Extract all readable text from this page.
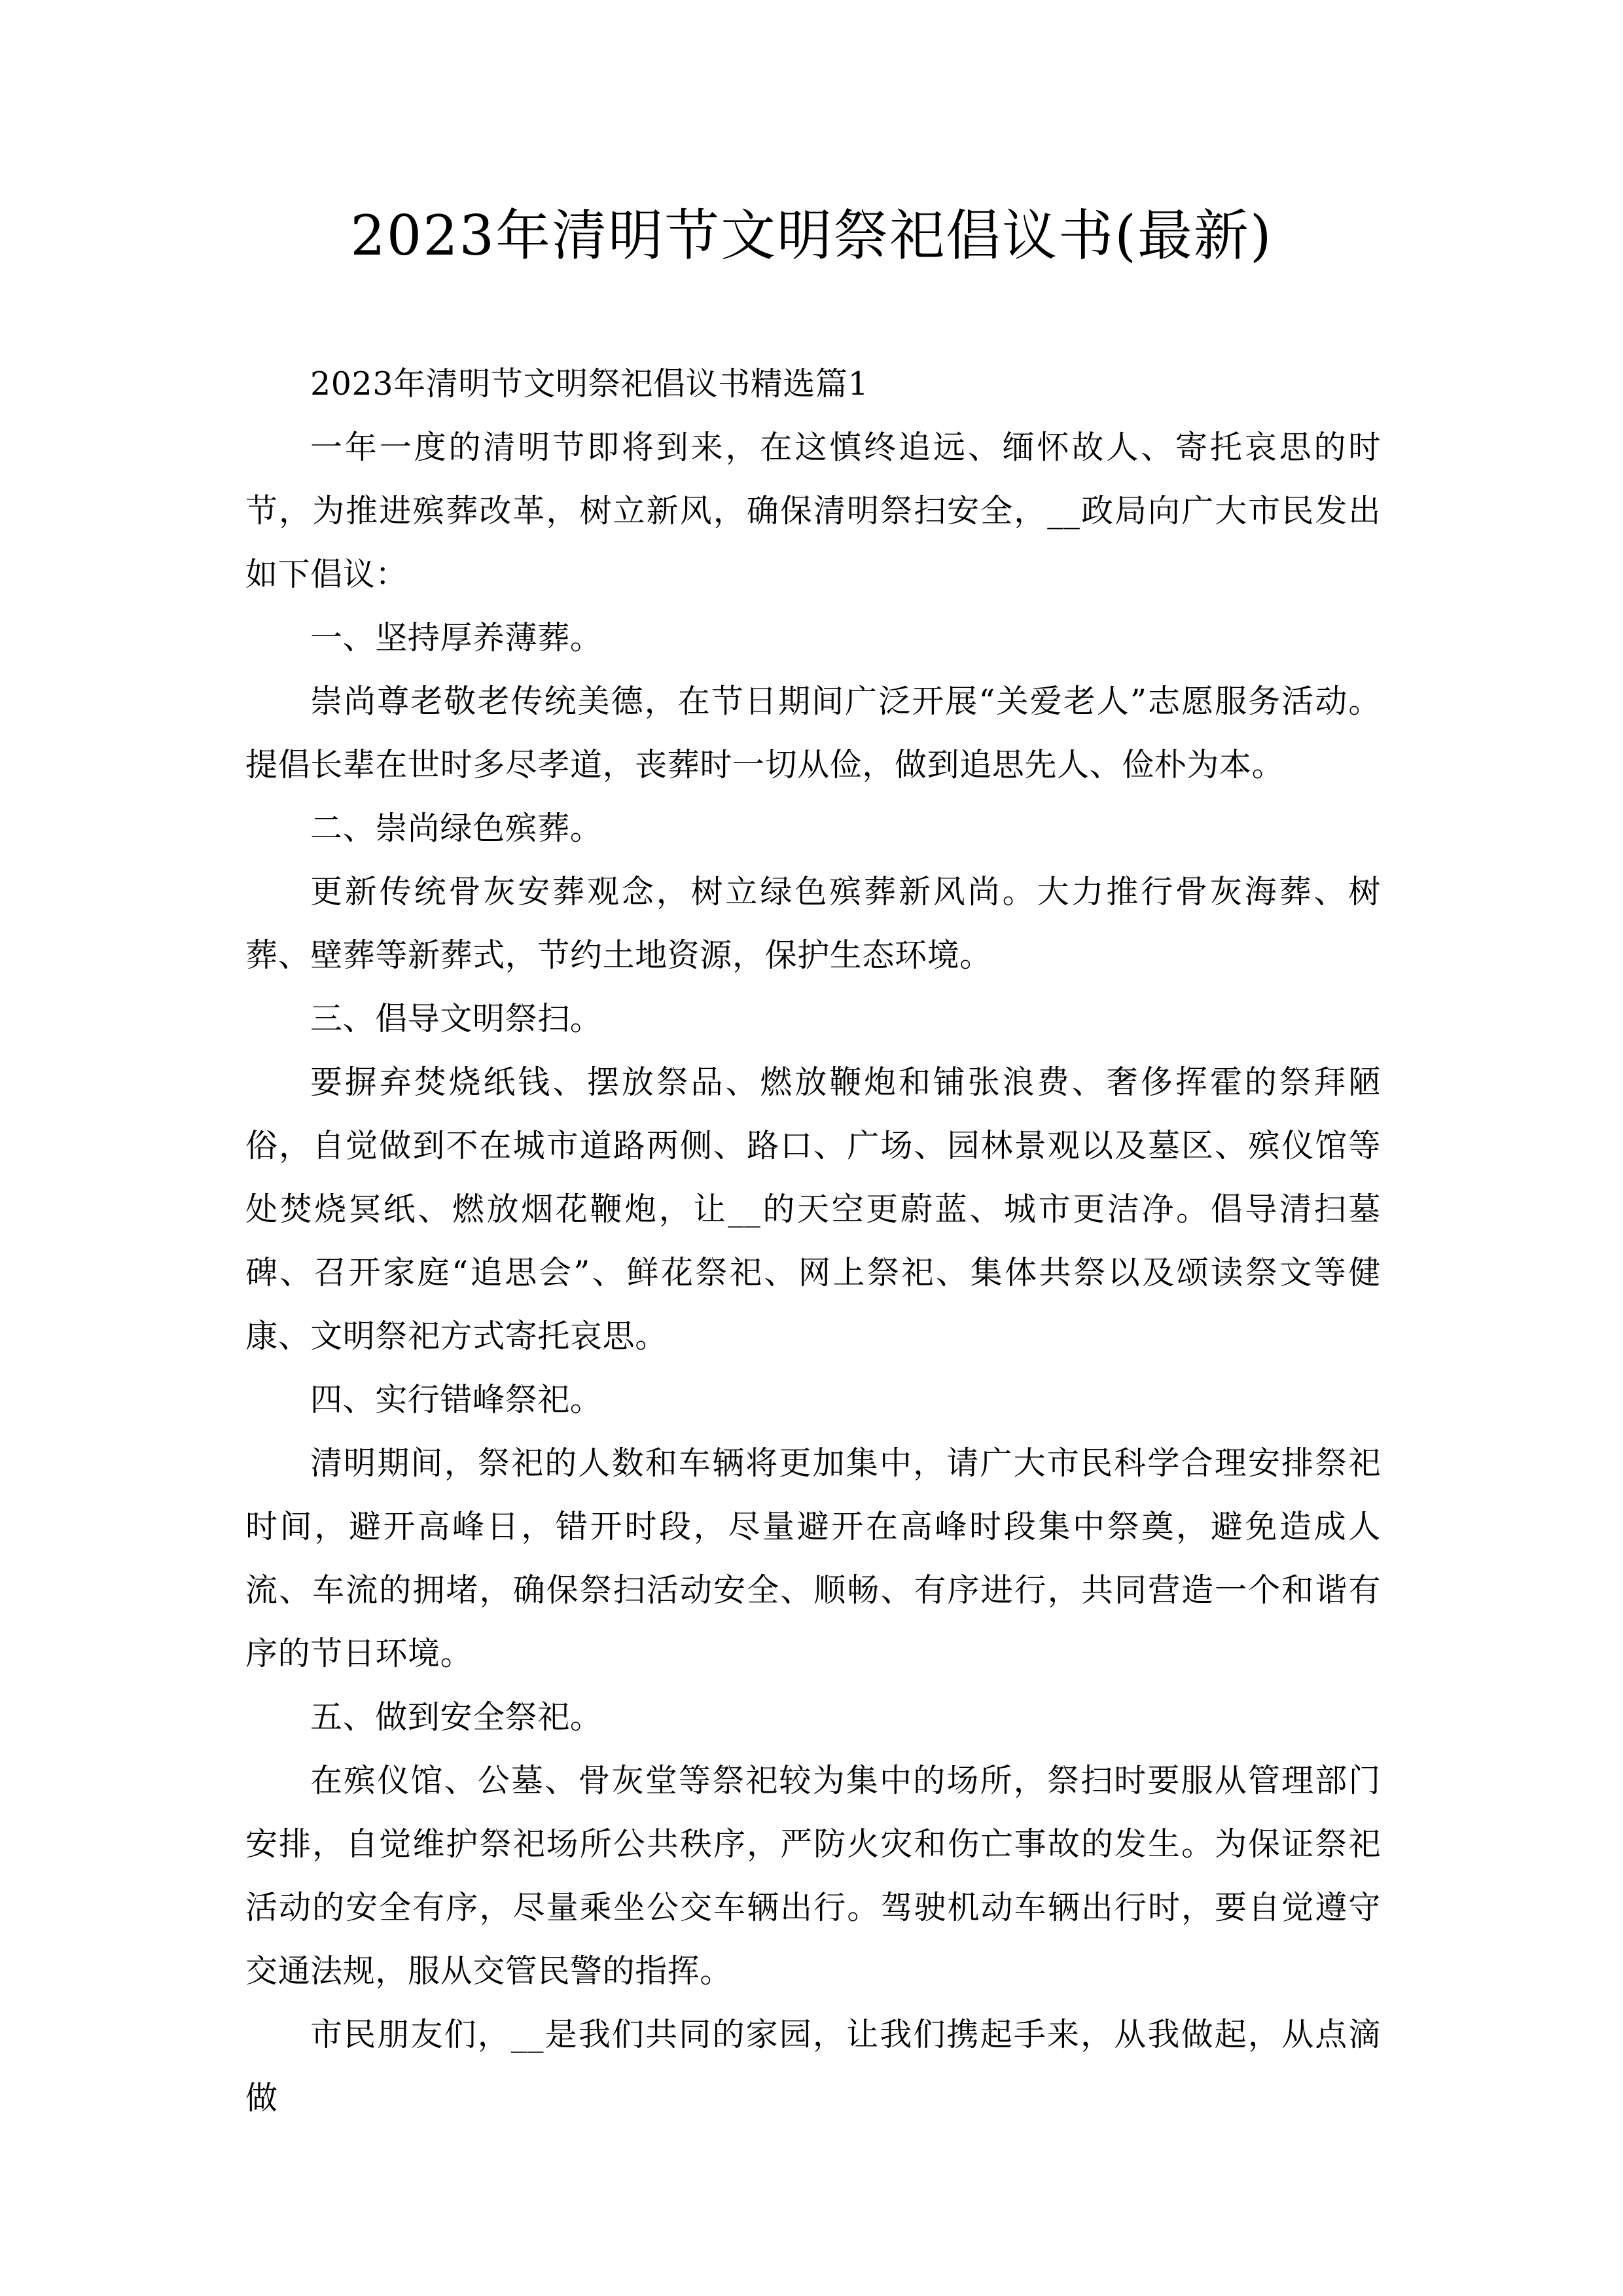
2023年清明节文明祭祀倡议书(最新)

2023年清明节文明祭祀倡议书精选篇1

一年一度的清明节即将到来，在这慎终追远、缅怀故人、寄托哀思的时节，为推进殡葬改革，树立新风，确保清明祭扫安全，__政局向广大市民发出如下倡议：

一、坚持厚养薄葬。

崇尚尊老敬老传统美德，在节日期间广泛开展“关爱老人”志愿服务活动。提倡长辈在世时多尽孝道，丧葬时一切从俭，做到追思先人、俭朴为本。

二、崇尚绿色殡葬。

更新传统骨灰安葬观念，树立绿色殡葬新风尚。大力推行骨灰海葬、树葬、壁葬等新葬式，节约土地资源，保护生态环境。

三、倡导文明祭扫。

要摒弃焚烧纸钱、摆放祭品、燃放鞭炮和铺张浪费、奢侈挥霍的祭拜陋俗，自觉做到不在城市道路两侧、路口、广场、园林景观以及墓区、殡仪馆等处焚烧冥纸、燃放烟花鞭炮，让__的天空更蔚蓝、城市更洁净。倡导清扫墓碑、召开家庭“追思会”、鲜花祭祀、网上祭祀、集体共祭以及颂读祭文等健康、文明祭祀方式寄托哀思。

四、实行错峰祭祀。

清明期间，祭祀的人数和车辆将更加集中，请广大市民科学合理安排祭祀时间，避开高峰日，错开时段，尽量避开在高峰时段集中祭奠，避免造成人流、车流的拥堵，确保祭扫活动安全、顺畅、有序进行，共同营造一个和谐有序的节日环境。

五、做到安全祭祀。

在殡仪馆、公墓、骨灰堂等祭祀较为集中的场所，祭扫时要服从管理部门安排，自觉维护祭祀场所公共秩序，严防火灾和伤亡事故的发生。为保证祭祀活动的安全有序，尽量乘坐公交车辆出行。驾驶机动车辆出行时，要自觉遵守交通法规，服从交管民警的指挥。

市民朋友们，__是我们共同的家园，让我们携起手来，从我做起，从点滴做
